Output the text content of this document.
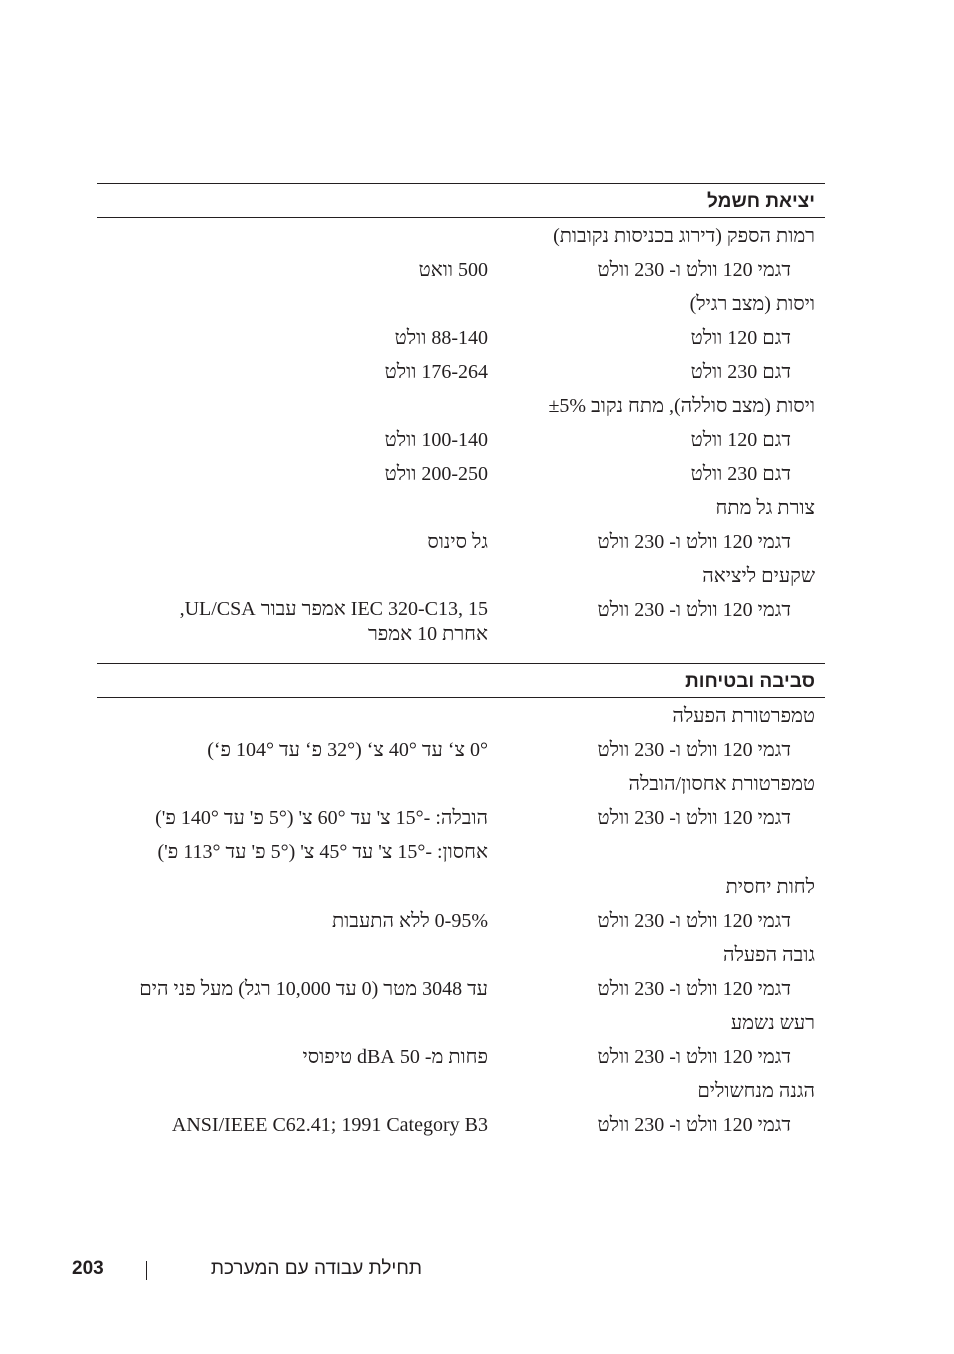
יציאת חשמל
רמות הספק (דירוג בכניסות נקובות)
דגמי 120 וולט ו- 230 וולט
500 וואט
ויסות (מצב רגיל)
דגם 120 וולט
88-140 וולט
דגם 230 וולט
176-264 וולט
ויסות (מצב סוללה), מתח נקוב ±5%
דגם 120 וולט
100-140 וולט
דגם 230 וולט
200-250 וולט
צורת גל מתח
דגמי 120 וולט ו- 230 וולט
גל סינוס
שקעים ליציאה
דגמי 120 וולט ו- 230 וולט
IEC 320-C13, 15 אמפר עבור UL/CSA,
אחרת 10 אמפר
סביבה ובטיחות
טמפרטורת הפעלה
דגמי 120 וולט ו- 230 וולט
0° צ‘ עד 40° צ‘ (32° פ‘ עד 104° פ‘)
טמפרטורת אחסון/הובלה
דגמי 120 וולט ו- 230 וולט
הובלה: -15° צ' עד 60° צ' (5° פ' עד 140° פ')
אחסון: -15° צ' עד 45° צ' (5° פ' עד 113° פ')
לחות יחסית
דגמי 120 וולט ו- 230 וולט
0-95% ללא התעבות
גובה הפעלה
דגמי 120 וולט ו- 230 וולט
עד 3048 מטר (0 עד 10,000 רגל) מעל פני הים
רעש נשמע
דגמי 120 וולט ו- 230 וולט
פחות מ- 50 dBA טיפוסי
הגנה מנחשולים
דגמי 120 וולט ו- 230 וולט
ANSI/IEEE C62.41; 1991 Category B3
תחילת עבודה עם המערכת
203
